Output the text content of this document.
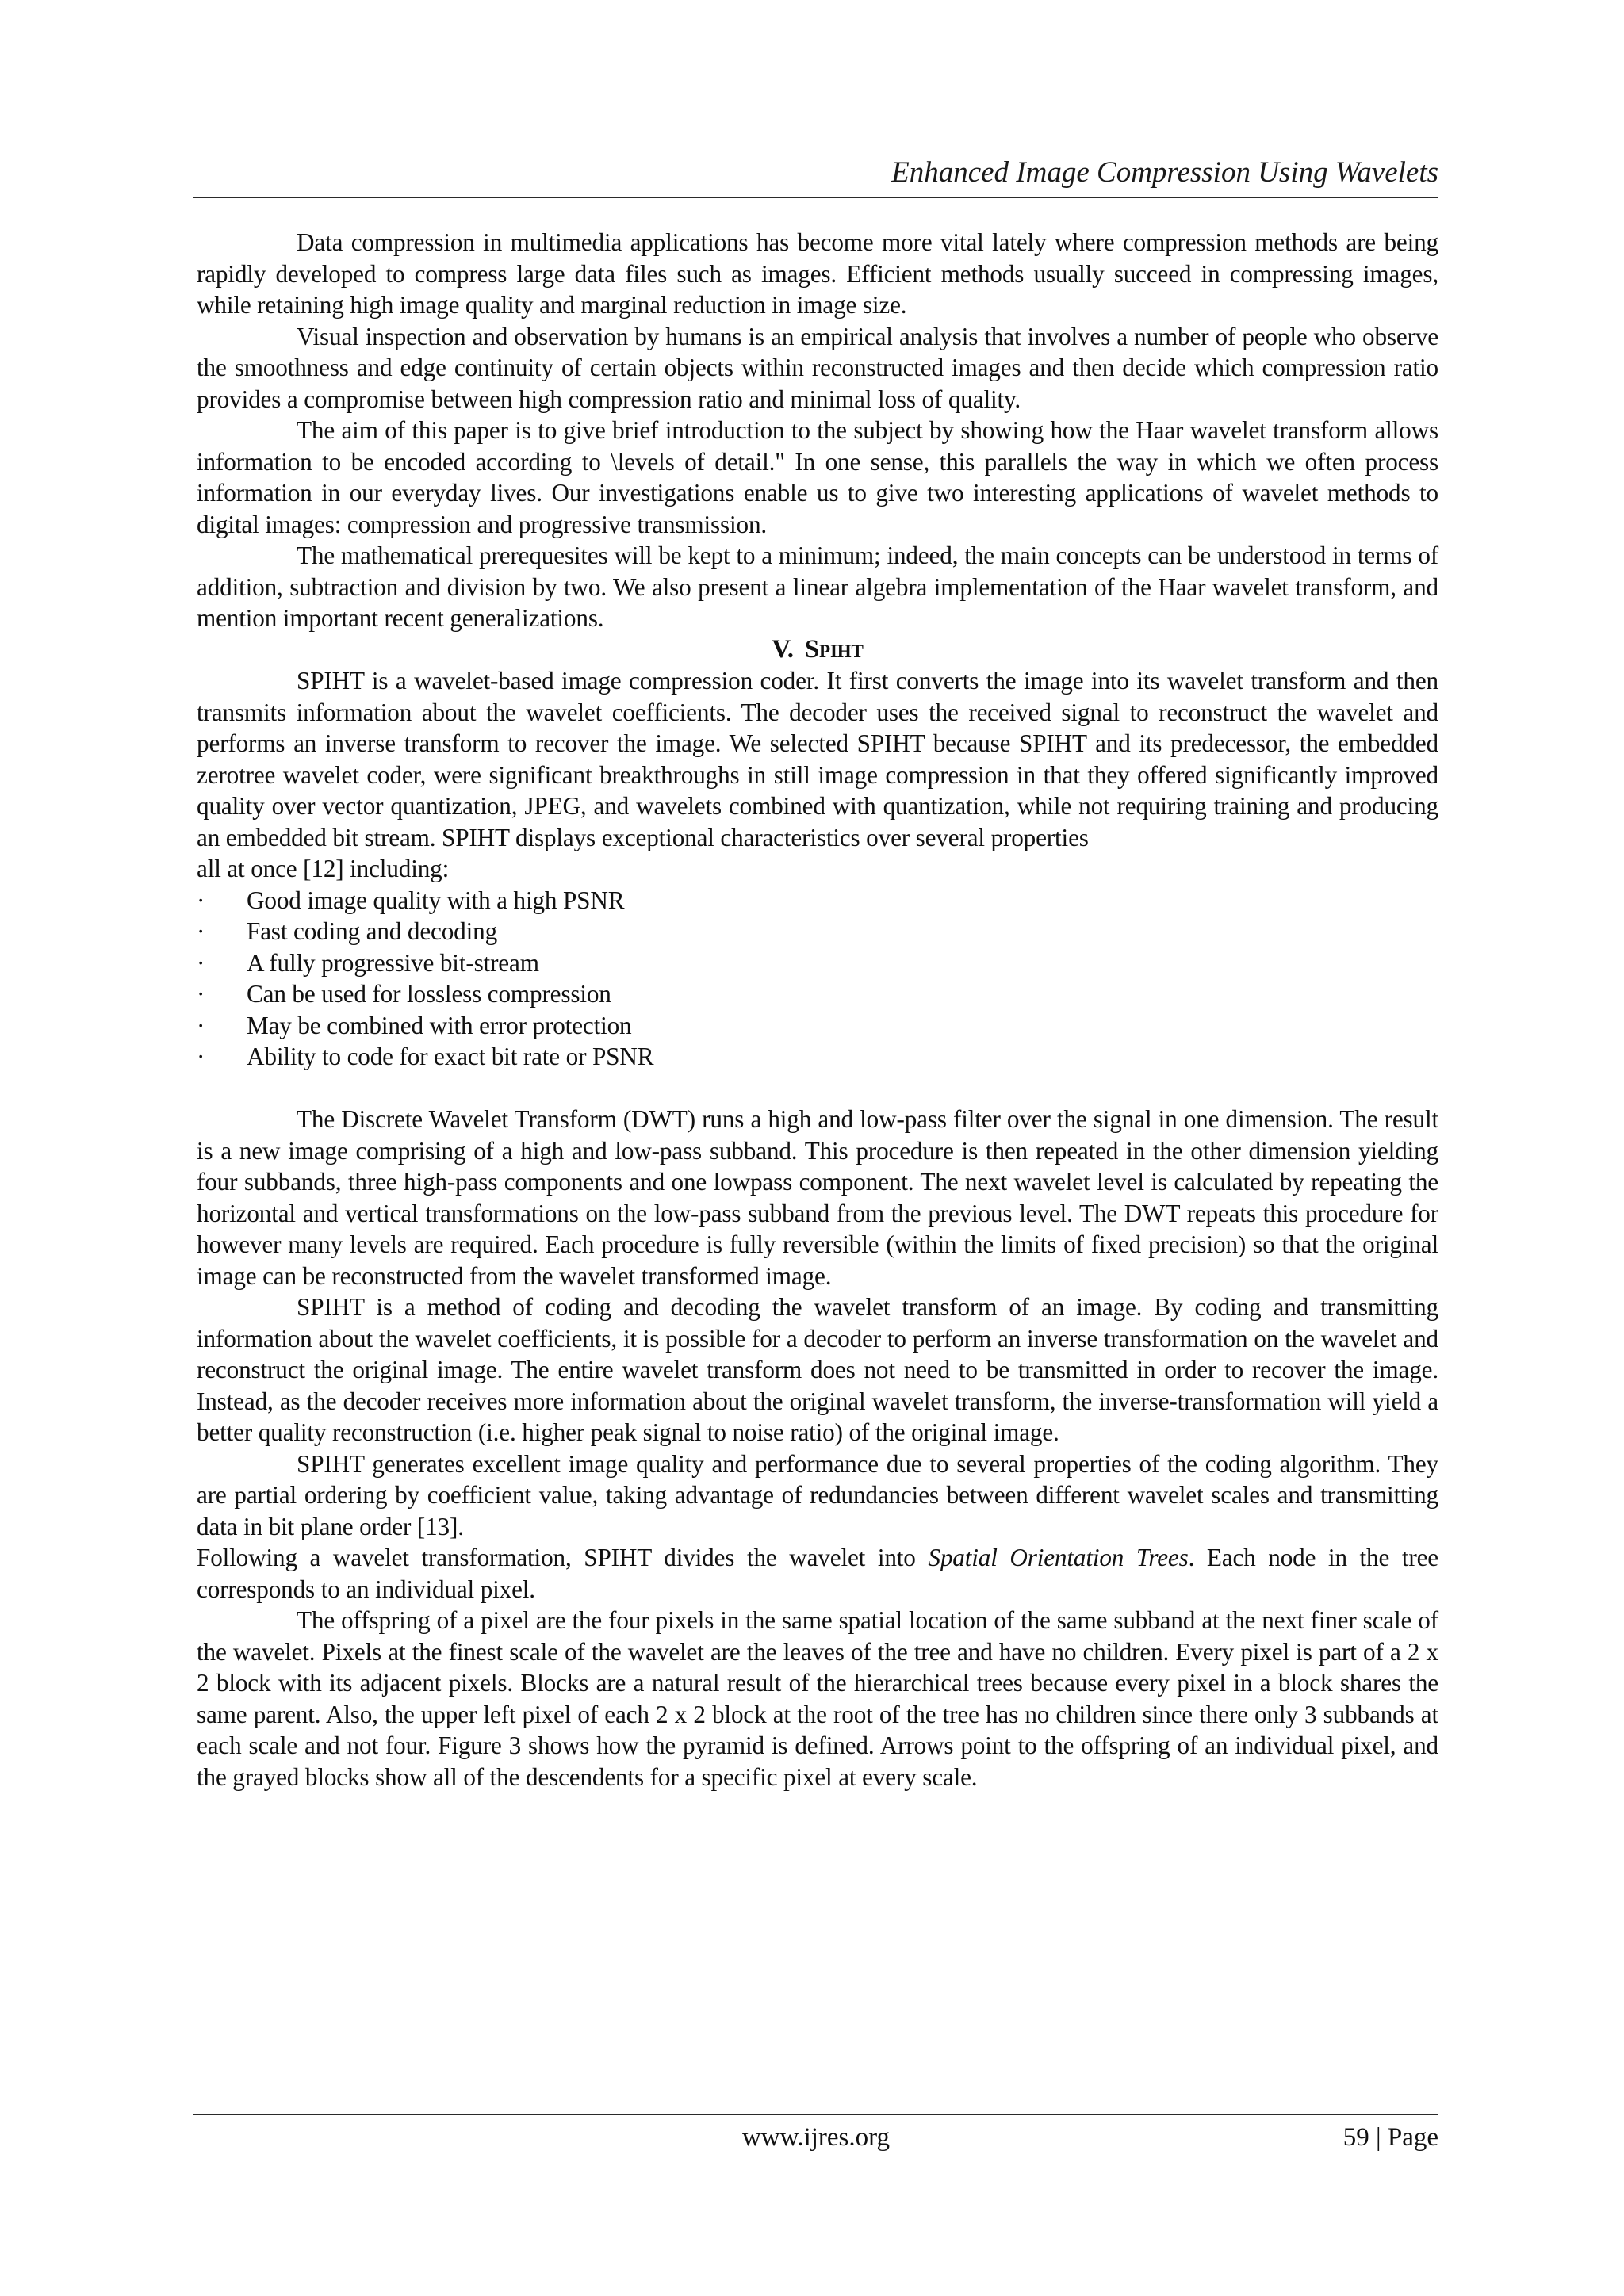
Enhanced Image Compression Using Wavelets

Data compression in multimedia applications has become more vital lately where compression methods are being rapidly developed to compress large data files such as images. Efficient methods usually succeed in compressing images, while retaining high image quality and marginal reduction in image size.

Visual inspection and observation by humans is an empirical analysis that involves a number of people who observe the smoothness and edge continuity of certain objects within reconstructed images and then decide which compression ratio provides a compromise between high compression ratio and minimal loss of quality.

The aim of this paper is to give brief introduction to the subject by showing how the Haar wavelet transform allows information to be encoded according to \levels of detail." In one sense, this parallels the way in which we often process information in our everyday lives. Our investigations enable us to give two interesting applications of wavelet methods to digital images: compression and progressive transmission.

The mathematical prerequesites will be kept to a minimum; indeed, the main concepts can be understood in terms of addition, subtraction and division by two. We also present a linear algebra implementation of the Haar wavelet transform, and mention important recent generalizations.

V. Spiht

SPIHT is a wavelet-based image compression coder. It first converts the image into its wavelet transform and then transmits information about the wavelet coefficients. The decoder uses the received signal to reconstruct the wavelet and performs an inverse transform to recover the image. We selected SPIHT because SPIHT and its predecessor, the embedded zerotree wavelet coder, were significant breakthroughs in still image compression in that they offered significantly improved quality over vector quantization, JPEG, and wavelets combined with quantization, while not requiring training and producing an embedded bit stream. SPIHT displays exceptional characteristics over several properties

all at once [12] including:

· Good image quality with a high PSNR
· Fast coding and decoding
· A fully progressive bit-stream
· Can be used for lossless compression
· May be combined with error protection
· Ability to code for exact bit rate or PSNR

The Discrete Wavelet Transform (DWT) runs a high and low-pass filter over the signal in one dimension. The result is a new image comprising of a high and low-pass subband. This procedure is then repeated in the other dimension yielding four subbands, three high-pass components and one lowpass component. The next wavelet level is calculated by repeating the horizontal and vertical transformations on the low-pass subband from the previous level. The DWT repeats this procedure for however many levels are required. Each procedure is fully reversible (within the limits of fixed precision) so that the original image can be reconstructed from the wavelet transformed image.

SPIHT is a method of coding and decoding the wavelet transform of an image. By coding and transmitting information about the wavelet coefficients, it is possible for a decoder to perform an inverse transformation on the wavelet and reconstruct the original image. The entire wavelet transform does not need to be transmitted in order to recover the image. Instead, as the decoder receives more information about the original wavelet transform, the inverse-transformation will yield a better quality reconstruction (i.e. higher peak signal to noise ratio) of the original image.

SPIHT generates excellent image quality and performance due to several properties of the coding algorithm. They are partial ordering by coefficient value, taking advantage of redundancies between different wavelet scales and transmitting data in bit plane order [13].

Following a wavelet transformation, SPIHT divides the wavelet into Spatial Orientation Trees. Each node in the tree corresponds to an individual pixel.

The offspring of a pixel are the four pixels in the same spatial location of the same subband at the next finer scale of the wavelet. Pixels at the finest scale of the wavelet are the leaves of the tree and have no children. Every pixel is part of a 2 x 2 block with its adjacent pixels. Blocks are a natural result of the hierarchical trees because every pixel in a block shares the same parent. Also, the upper left pixel of each 2 x 2 block at the root of the tree has no children since there only 3 subbands at each scale and not four. Figure 3 shows how the pyramid is defined. Arrows point to the offspring of an individual pixel, and the grayed blocks show all of the descendents for a specific pixel at every scale.

www.ijres.org	59 | Page
